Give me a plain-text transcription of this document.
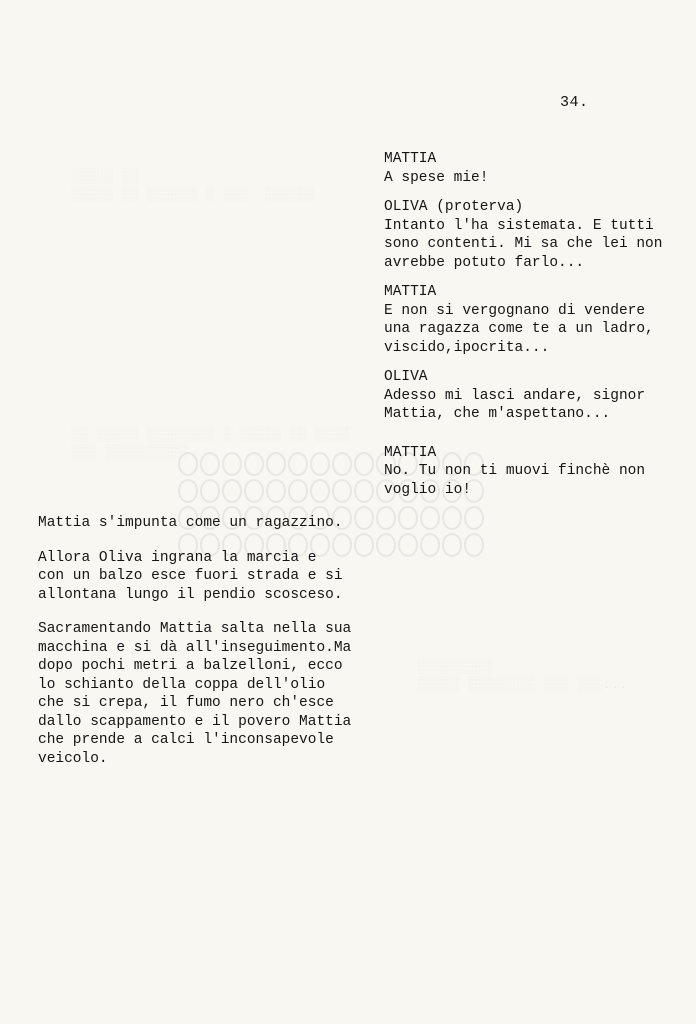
░░░░░ ░░
░░░░░ ░░ ░░░░░░ ░ ░░░  ░░░░░░

░░ ░░░░░ ░░░░░░░░ ░ ░░░░░ ░░ ░░░░
░░░ ░░░░░░░░░░

░░░░░░░░░
░░░░░ ░░░░░░░░ ░░░ ░░░...
34.
MATTIA
A spese mie!
OLIVA (proterva)
Intanto l'ha sistemata. E tutti
sono contenti. Mi sa che lei non
avrebbe potuto farlo...
MATTIA
E non si vergognano di vendere
una ragazza come te a un ladro,
viscido,ipocrita...
OLIVA
Adesso mi lasci andare, signor
Mattia, che m'aspettano...
MATTIA
No. Tu non ti muovi finchè non
voglio io!
Mattia s'impunta come un ragazzino.
Allora Oliva ingrana la marcia e
con un balzo esce fuori strada e si
allontana lungo il pendio scosceso.
Sacramentando Mattia salta nella sua
macchina e si dà all'inseguimento.Ma
dopo pochi metri a balzelloni, ecco
lo schianto della coppa dell'olio
che si crepa, il fumo nero ch'esce
dallo scappamento e il povero Mattia
che prende a calci l'inconsapevole
veicolo.
